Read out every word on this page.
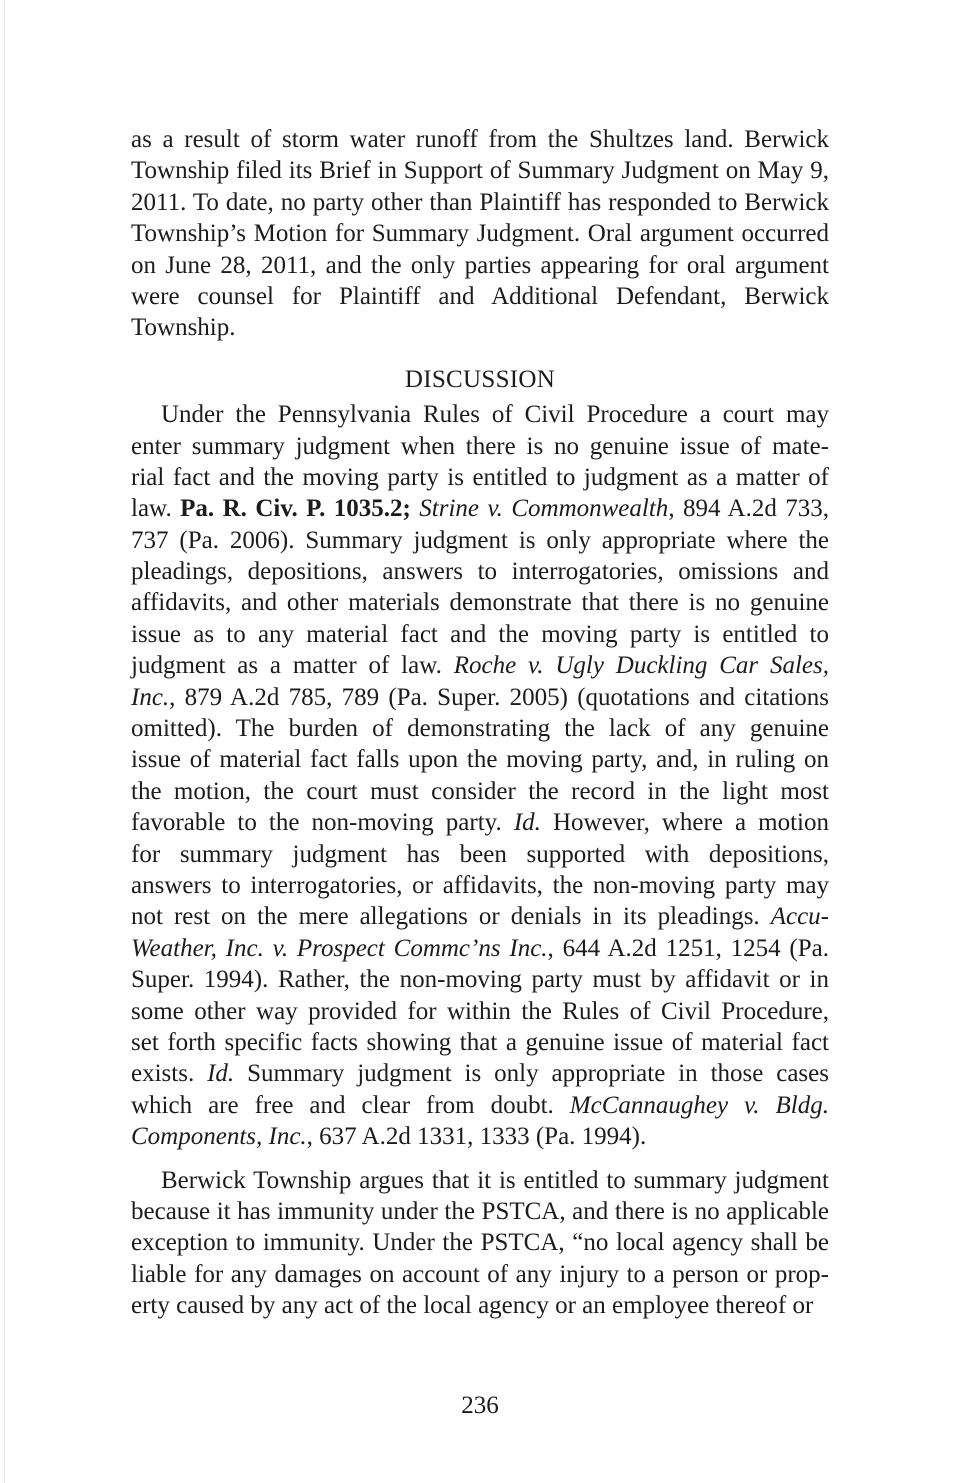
as a result of storm water runoff from the Shultzes land. Berwick
Township filed its Brief in Support of Summary Judgment on May 9,
2011. To date, no party other than Plaintiff has responded to Berwick
Township’s Motion for Summary Judgment. Oral argument occurred
on June 28, 2011, and the only parties appearing for oral argument
were counsel for Plaintiff and Additional Defendant, Berwick
Township.
DISCUSSION
Under the Pennsylvania Rules of Civil Procedure a court may
enter summary judgment when there is no genuine issue of mate-
rial fact and the moving party is entitled to judgment as a matter of
law. Pa. R. Civ. P. 1035.2; Strine v. Commonwealth, 894 A.2d 733,
737 (Pa. 2006). Summary judgment is only appropriate where the
pleadings, depositions, answers to interrogatories, omissions and
affidavits, and other materials demonstrate that there is no genuine
issue as to any material fact and the moving party is entitled to
judgment as a matter of law. Roche v. Ugly Duckling Car Sales,
Inc., 879 A.2d 785, 789 (Pa. Super. 2005) (quotations and citations
omitted). The burden of demonstrating the lack of any genuine
issue of material fact falls upon the moving party, and, in ruling on
the motion, the court must consider the record in the light most
favorable to the non-moving party. Id. However, where a motion
for summary judgment has been supported with depositions,
answers to interrogatories, or affidavits, the non-moving party may
not rest on the mere allegations or denials in its pleadings. Accu-
Weather, Inc. v. Prospect Commc’ns Inc., 644 A.2d 1251, 1254 (Pa.
Super. 1994). Rather, the non-moving party must by affidavit or in
some other way provided for within the Rules of Civil Procedure,
set forth specific facts showing that a genuine issue of material fact
exists. Id. Summary judgment is only appropriate in those cases
which are free and clear from doubt. McCannaughey v. Bldg.
Components, Inc., 637 A.2d 1331, 1333 (Pa. 1994).
Berwick Township argues that it is entitled to summary judgment
because it has immunity under the PSTCA, and there is no applicable
exception to immunity. Under the PSTCA, “no local agency shall be
liable for any damages on account of any injury to a person or prop-
erty caused by any act of the local agency or an employee thereof or
236
